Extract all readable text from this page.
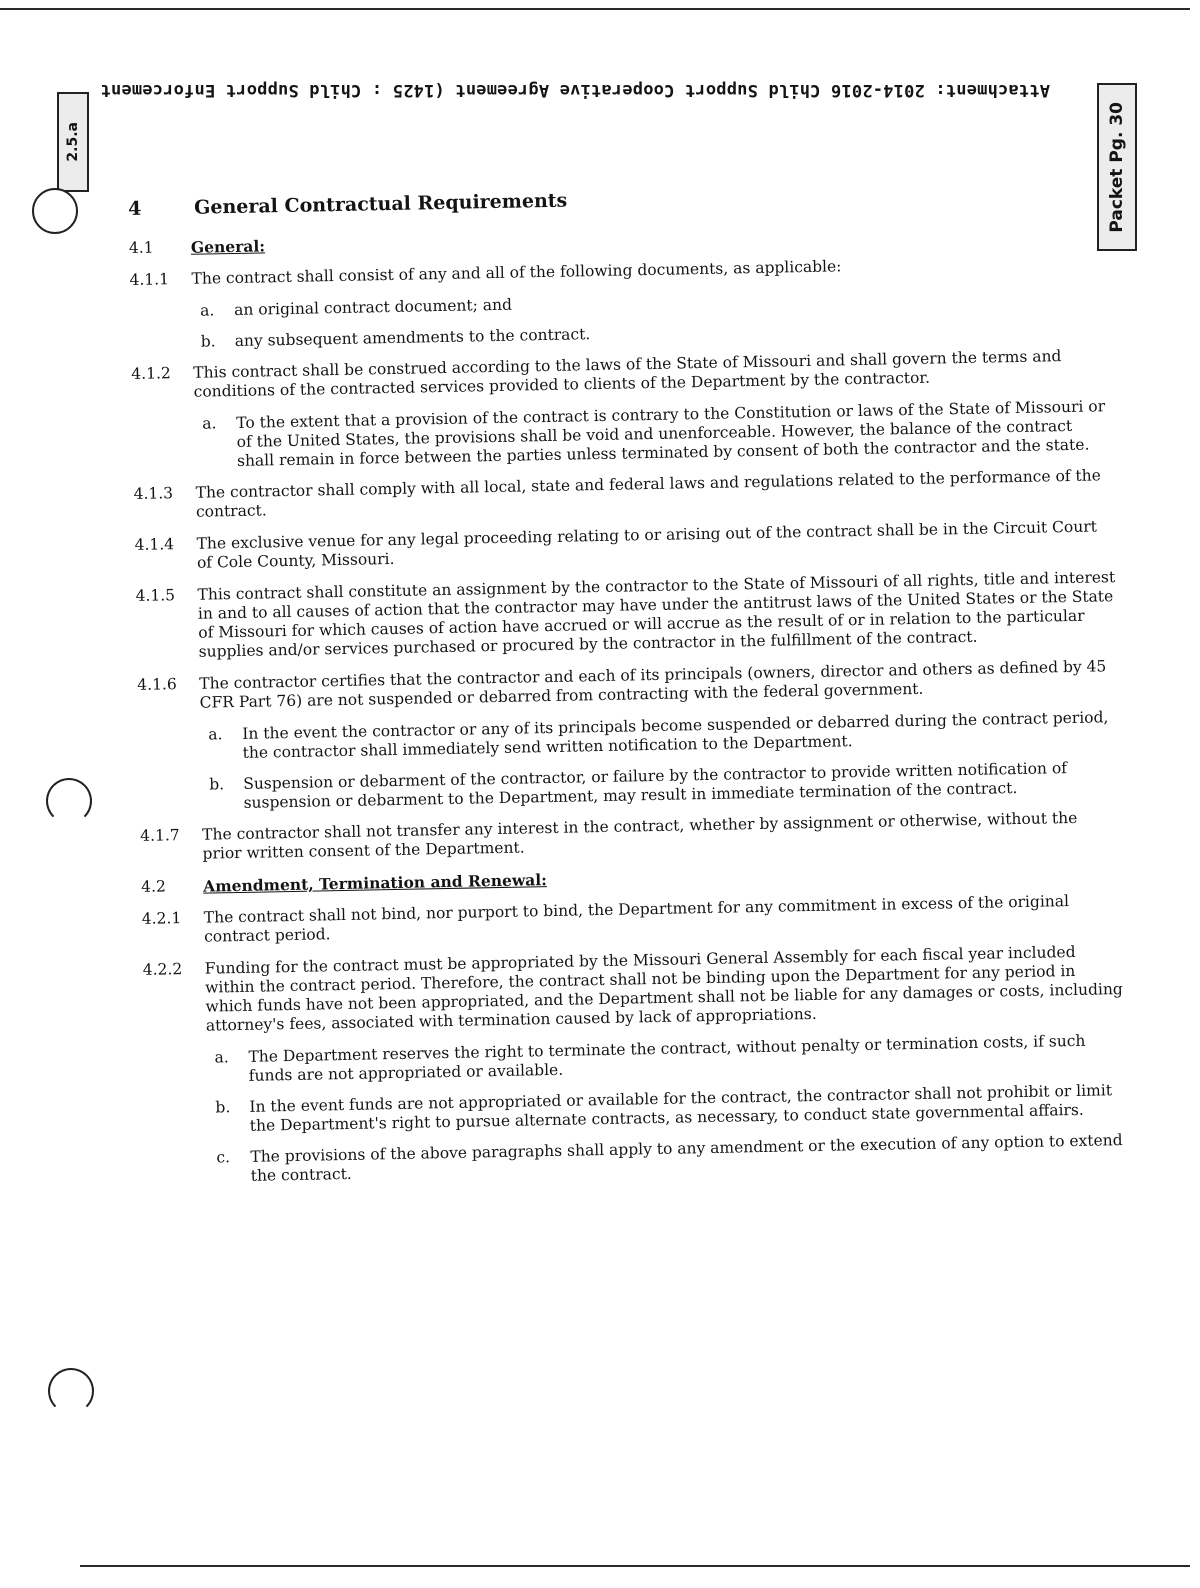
Attachment: 2014-2016 Child Support Cooperative Agreement (1425 : Child Support Enforcement
2.5.a	Packet Pg. 30
4	General Contractual Requirements
4.1	General:
4.1.1	The contract shall consist of any and all of the following documents, as applicable:
a.	an original contract document; and
b.	any subsequent amendments to the contract.
4.1.2	This contract shall be construed according to the laws of the State of Missouri and shall govern the terms and conditions of the contracted services provided to clients of the Department by the contractor.
a.	To the extent that a provision of the contract is contrary to the Constitution or laws of the State of Missouri or of the United States, the provisions shall be void and unenforceable. However, the balance of the contract shall remain in force between the parties unless terminated by consent of both the contractor and the state.
4.1.3	The contractor shall comply with all local, state and federal laws and regulations related to the performance of the contract.
4.1.4	The exclusive venue for any legal proceeding relating to or arising out of the contract shall be in the Circuit Court of Cole County, Missouri.
4.1.5	This contract shall constitute an assignment by the contractor to the State of Missouri of all rights, title and interest in and to all causes of action that the contractor may have under the antitrust laws of the United States or the State of Missouri for which causes of action have accrued or will accrue as the result of or in relation to the particular supplies and/or services purchased or procured by the contractor in the fulfillment of the contract.
4.1.6	The contractor certifies that the contractor and each of its principals (owners, director and others as defined by 45 CFR Part 76) are not suspended or debarred from contracting with the federal government.
a.	In the event the contractor or any of its principals become suspended or debarred during the contract period, the contractor shall immediately send written notification to the Department.
b.	Suspension or debarment of the contractor, or failure by the contractor to provide written notification of suspension or debarment to the Department, may result in immediate termination of the contract.
4.1.7	The contractor shall not transfer any interest in the contract, whether by assignment or otherwise, without the prior written consent of the Department.
4.2	Amendment, Termination and Renewal:
4.2.1	The contract shall not bind, nor purport to bind, the Department for any commitment in excess of the original contract period.
4.2.2	Funding for the contract must be appropriated by the Missouri General Assembly for each fiscal year included within the contract period. Therefore, the contract shall not be binding upon the Department for any period in which funds have not been appropriated, and the Department shall not be liable for any damages or costs, including attorney's fees, associated with termination caused by lack of appropriations.
a.	The Department reserves the right to terminate the contract, without penalty or termination costs, if such funds are not appropriated or available.
b.	In the event funds are not appropriated or available for the contract, the contractor shall not prohibit or limit the Department's right to pursue alternate contracts, as necessary, to conduct state governmental affairs.
c.	The provisions of the above paragraphs shall apply to any amendment or the execution of any option to extend the contract.
